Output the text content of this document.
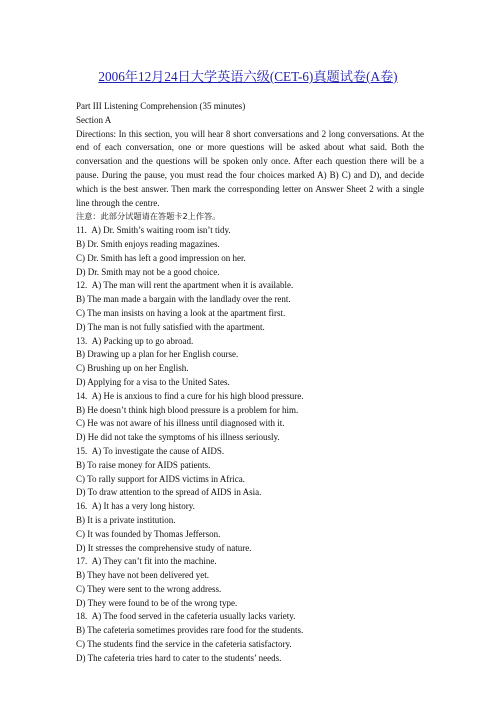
2006年12月24日大学英语六级(CET-6)真题试卷(A卷)
Part III Listening Comprehension (35 minutes)
Section A
Directions: In this section, you will hear 8 short conversations and 2 long conversations. At the end of each conversation, one or more questions will be asked about what said. Both the conversation and the questions will be spoken only once. After each question there will be a pause. During the pause, you must read the four choices marked A) B) C) and D), and decide which is the best answer. Then mark the corresponding letter on Answer Sheet 2 with a single line through the centre.
注意：此部分试题请在答题卡2上作答。
11. A) Dr. Smith’s waiting room isn’t tidy.
B) Dr. Smith enjoys reading magazines.
C) Dr. Smith has left a good impression on her.
D) Dr. Smith may not be a good choice.
12. A) The man will rent the apartment when it is available.
B) The man made a bargain with the landlady over the rent.
C) The man insists on having a look at the apartment first.
D) The man is not fully satisfied with the apartment.
13. A) Packing up to go abroad.
B) Drawing up a plan for her English course.
C) Brushing up on her English.
D) Applying for a visa to the United Sates.
14. A) He is anxious to find a cure for his high blood pressure.
B) He doesn’t think high blood pressure is a problem for him.
C) He was not aware of his illness until diagnosed with it.
D) He did not take the symptoms of his illness seriously.
15. A) To investigate the cause of AIDS.
B) To raise money for AIDS patients.
C) To rally support for AIDS victims in Africa.
D) To draw attention to the spread of AIDS in Asia.
16. A) It has a very long history.
B) It is a private institution.
C) It was founded by Thomas Jefferson.
D) It stresses the comprehensive study of nature.
17. A) They can’t fit into the machine.
B) They have not been delivered yet.
C) They were sent to the wrong address.
D) They were found to be of the wrong type.
18. A) The food served in the cafeteria usually lacks variety.
B) The cafeteria sometimes provides rare food for the students.
C) The students find the service in the cafeteria satisfactory.
D) The cafeteria tries hard to cater to the students’ needs.
